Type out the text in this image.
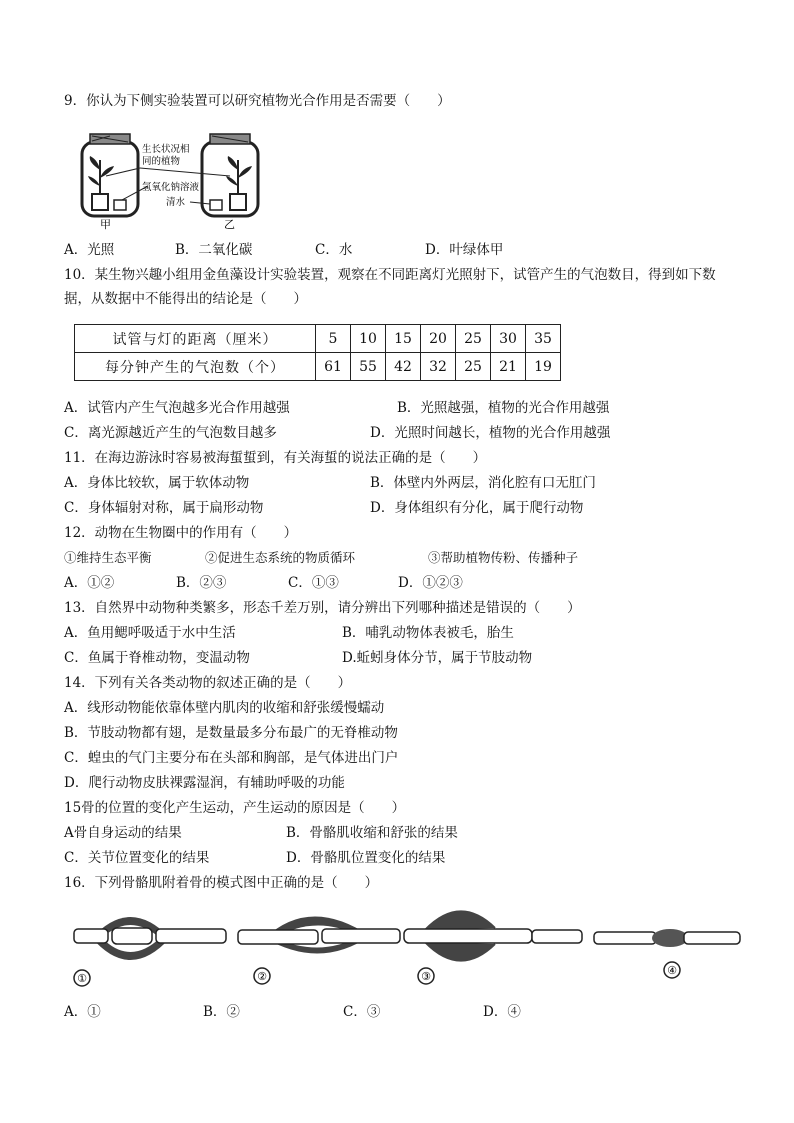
9．你认为下侧实验装置可以研究植物光合作用是否需要（　　）
生长状况相
同的植物
氢氧化钠溶液
清水
甲	乙
A．光照	B．二氧化碳	C．水	D．叶绿体甲
10．某生物兴趣小组用金鱼藻设计实验装置，观察在不同距离灯光照射下，试管产生的气泡数目，得到如下数
据，从数据中不能得出的结论是（　　）
试管与灯的距离（厘米）	5	10	15	20	25	30	35
每分钟产生的气泡数（个）	61	55	42	32	25	21	19
A．试管内产生气泡越多光合作用越强	B．光照越强，植物的光合作用越强
C．离光源越近产生的气泡数目越多	D．光照时间越长，植物的光合作用越强
11．在海边游泳时容易被海蜇蜇到，有关海蜇的说法正确的是（　　）
A．身体比较软，属于软体动物	B．体壁内外两层，消化腔有口无肛门
C．身体辐射对称，属于扁形动物	D．身体组织有分化，属于爬行动物
12．动物在生物圈中的作用有（　　）
①维持生态平衡	②促进生态系统的物质循环	③帮助植物传粉、传播种子
A．①②	B．②③	C．①③	D．①②③
13．自然界中动物种类繁多，形态千差万别，请分辨出下列哪种描述是错误的（　　）
A．鱼用鳃呼吸适于水中生活	B．哺乳动物体表被毛，胎生
C．鱼属于脊椎动物，变温动物	D.蚯蚓身体分节，属于节肢动物
14．下列有关各类动物的叙述正确的是（　　）
A．线形动物能依靠体壁内肌肉的收缩和舒张缓慢蠕动
B．节肢动物都有翅，是数量最多分布最广的无脊椎动物
C．蝗虫的气门主要分布在头部和胸部，是气体进出门户
D．爬行动物皮肤裸露湿润，有辅助呼吸的功能
15骨的位置的变化产生运动，产生运动的原因是（　　）
A骨自身运动的结果	B．骨骼肌收缩和舒张的结果
C．关节位置变化的结果	D．骨骼肌位置变化的结果
16．下列骨骼肌附着骨的模式图中正确的是（　　）
①	②	③	④
A．①	B．②	C．③	D．④
